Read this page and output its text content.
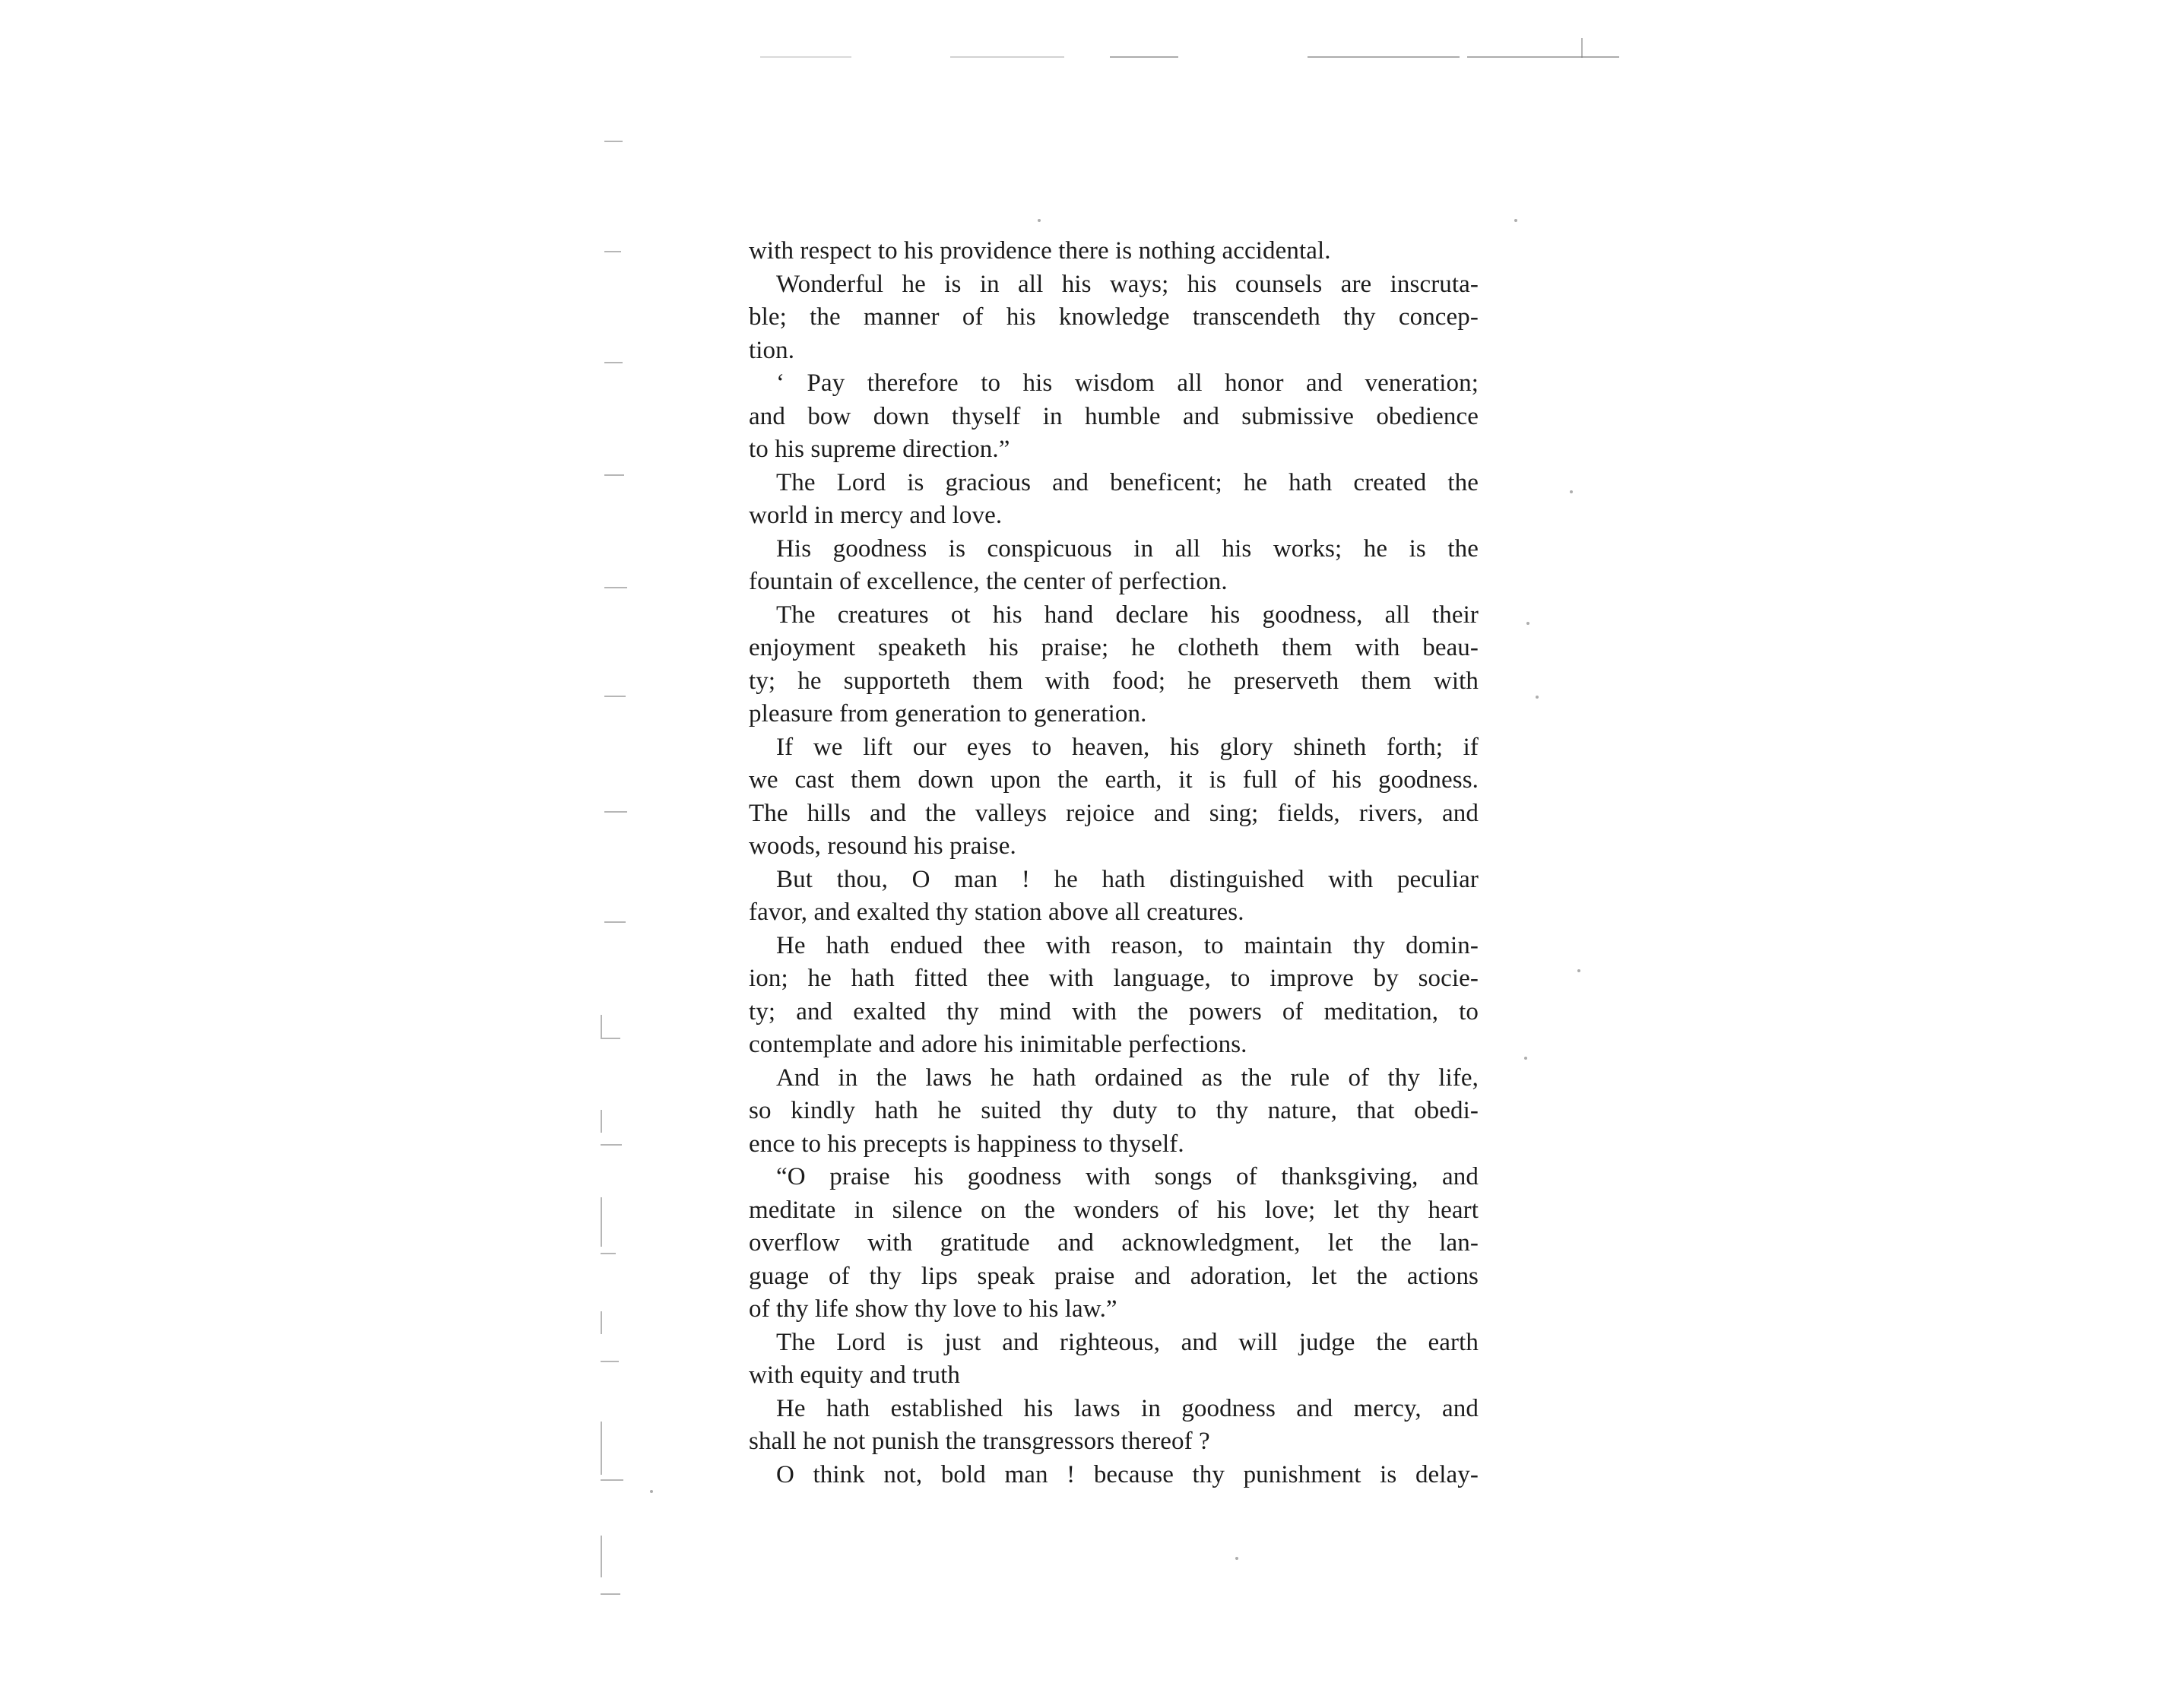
with respect to his providence there is nothing accidental.
Wonderful he is in all his ways; his counsels are inscruta-
ble; the manner of his knowledge transcendeth thy concep-
tion.
‘ Pay therefore to his wisdom all honor and veneration;
and bow down thyself in humble and submissive obedience
to his supreme direction.”
The Lord is gracious and beneficent; he hath created the
world in mercy and love.
His goodness is conspicuous in all his works; he is the
fountain of excellence, the center of perfection.
The creatures ot his hand declare his goodness, all their
enjoyment speaketh his praise; he clotheth them with beau-
ty; he supporteth them with food; he preserveth them with
pleasure from generation to generation.
If we lift our eyes to heaven, his glory shineth forth; if
we cast them down upon the earth, it is full of his goodness.
The hills and the valleys rejoice and sing; fields, rivers, and
woods, resound his praise.
But thou, O man ! he hath distinguished with peculiar
favor, and exalted thy station above all creatures.
He hath endued thee with reason, to maintain thy domin-
ion; he hath fitted thee with language, to improve by socie-
ty; and exalted thy mind with the powers of meditation, to
contemplate and adore his inimitable perfections.
And in the laws he hath ordained as the rule of thy life,
so kindly hath he suited thy duty to thy nature, that obedi-
ence to his precepts is happiness to thyself.
“O praise his goodness with songs of thanksgiving, and
meditate in silence on the wonders of his love; let thy heart
overflow with gratitude and acknowledgment, let the lan-
guage of thy lips speak praise and adoration, let the actions
of thy life show thy love to his law.”
The Lord is just and righteous, and will judge the earth
with equity and truth
He hath established his laws in goodness and mercy, and
shall he not punish the transgressors thereof ?
O think not, bold man ! because thy punishment is delay-
